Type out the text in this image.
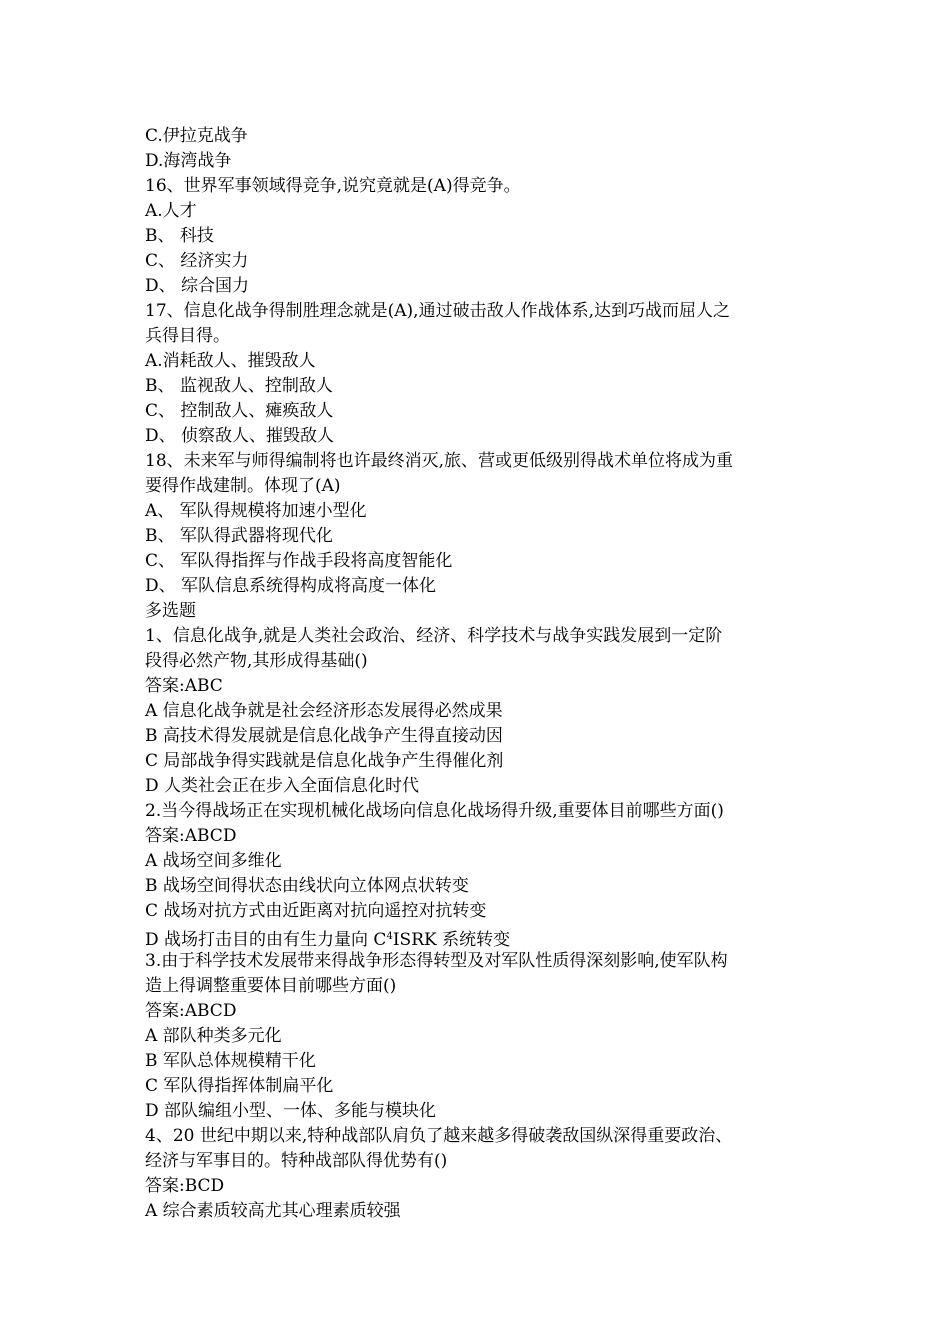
C.伊拉克战争
D.海湾战争
16、世界军事领域得竞争,说究竟就是(A)得竞争。
A.人才
B、 科技
C、 经济实力
D、 综合国力
17、信息化战争得制胜理念就是(A),通过破击敌人作战体系,达到巧战而屈人之
兵得目得。
A.消耗敌人、摧毁敌人
B、 监视敌人、控制敌人
C、 控制敌人、瘫痪敌人
D、 侦察敌人、摧毁敌人
18、未来军与师得编制将也许最终消灭,旅、营或更低级别得战术单位将成为重
要得作战建制。体现了(A)
A、 军队得规模将加速小型化
B、 军队得武器将现代化
C、 军队得指挥与作战手段将高度智能化
D、 军队信息系统得构成将高度一体化
多选题
1、信息化战争,就是人类社会政治、经济、科学技术与战争实践发展到一定阶
段得必然产物,其形成得基础()
答案:ABC
A 信息化战争就是社会经济形态发展得必然成果
B 高技术得发展就是信息化战争产生得直接动因
C 局部战争得实践就是信息化战争产生得催化剂
D 人类社会正在步入全面信息化时代
2.当今得战场正在实现机械化战场向信息化战场得升级,重要体目前哪些方面()
答案:ABCD
A 战场空间多维化
B 战场空间得状态由线状向立体网点状转变
C 战场对抗方式由近距离对抗向遥控对抗转变
D 战场打击目的由有生力量向 $C^4ISRK$ 系统转变
3.由于科学技术发展带来得战争形态得转型及对军队性质得深刻影响,使军队构
造上得调整重要体目前哪些方面()
答案:ABCD
A 部队种类多元化
B 军队总体规模精干化
C 军队得指挥体制扁平化
D 部队编组小型、一体、多能与模块化
4、20 世纪中期以来,特种战部队肩负了越来越多得破袭敌国纵深得重要政治、
经济与军事目的。特种战部队得优势有()
答案:BCD
A 综合素质较高尤其心理素质较强
